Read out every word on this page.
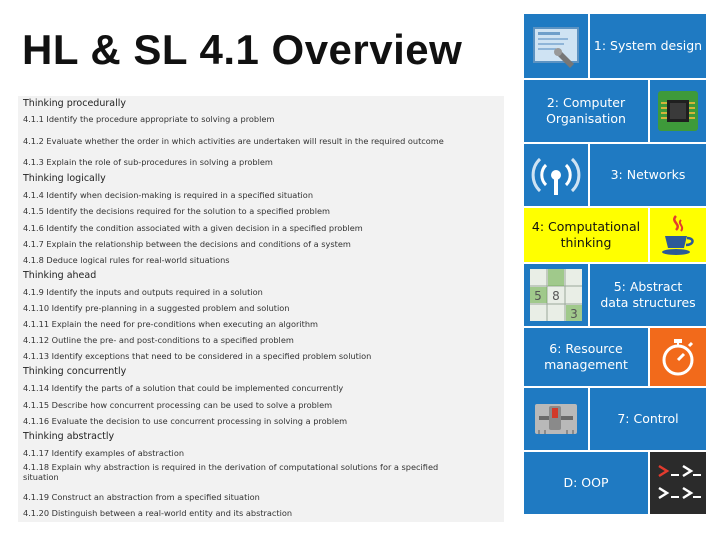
HL & SL 4.1 Overview
Thinking procedurally
4.1.1 Identify the procedure appropriate to solving a problem
4.1.2 Evaluate whether the order in which activities are undertaken will result in the required outcome
4.1.3 Explain the role of sub-procedures in solving a problem
Thinking logically
4.1.4 Identify when decision-making is required in a specified situation
4.1.5 Identify the decisions required for the solution to a specified problem
4.1.6 Identify the condition associated with a given decision in a specified problem
4.1.7 Explain the relationship between the decisions and conditions of a system
4.1.8 Deduce logical rules for real-world situations
Thinking ahead
4.1.9 Identify the inputs and outputs required in a solution
4.1.10 Identify pre-planning in a suggested problem and solution
4.1.11 Explain the need for pre-conditions when executing an algorithm
4.1.12 Outline the pre- and post-conditions to a specified problem
4.1.13 Identify exceptions that need to be considered in a specified problem solution
Thinking concurrently
4.1.14 Identify the parts of a solution that could be implemented concurrently
4.1.15 Describe how concurrent processing can be used to solve a problem
4.1.16 Evaluate the decision to use concurrent processing in solving a problem
Thinking abstractly
4.1.17 Identify examples of abstraction
4.1.18 Explain why abstraction is required in the derivation of computational solutions for a specified situation
4.1.19 Construct an abstraction from a specified situation
4.1.20 Distinguish between a real-world entity and its abstraction
1: System design
2: Computer Organisation
3: Networks
4: Computational thinking
5 8
3
5: Abstract data structures
6: Resource management
7: Control
D: OOP
